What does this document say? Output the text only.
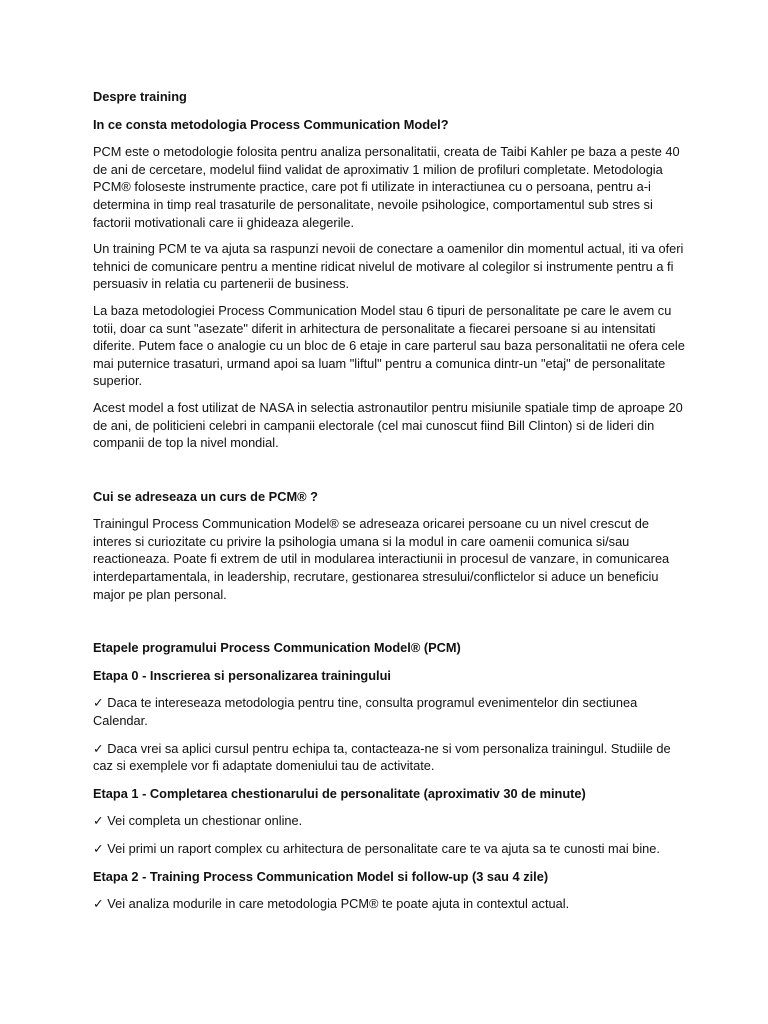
Despre training

In ce consta metodologia Process Communication Model?

PCM este o metodologie folosita pentru analiza personalitatii, creata de Taibi Kahler pe baza a peste 40 de ani de cercetare, modelul fiind validat de aproximativ 1 milion de profiluri completate. Metodologia PCM® foloseste instrumente practice, care pot fi utilizate in interactiunea cu o persoana, pentru a-i determina in timp real trasaturile de personalitate, nevoile psihologice, comportamentul sub stres si factorii motivationali care ii ghideaza alegerile.

Un training PCM te va ajuta sa raspunzi nevoii de conectare a oamenilor din momentul actual, iti va oferi tehnici de comunicare pentru a mentine ridicat nivelul de motivare al colegilor si instrumente pentru a fi persuasiv in relatia cu partenerii de business.

La baza metodologiei Process Communication Model stau 6 tipuri de personalitate pe care le avem cu totii, doar ca sunt "asezate" diferit in arhitectura de personalitate a fiecarei persoane si au intensitati diferite. Putem face o analogie cu un bloc de 6 etaje in care parterul sau baza personalitatii ne ofera cele mai puternice trasaturi, urmand apoi sa luam "liftul" pentru a comunica dintr-un "etaj" de personalitate superior.

Acest model a fost utilizat de NASA in selectia astronautilor pentru misiunile spatiale timp de aproape 20 de ani, de politicieni celebri in campanii electorale (cel mai cunoscut fiind Bill Clinton) si de lideri din companii de top la nivel mondial.

Cui se adreseaza un curs de PCM® ?

Trainingul Process Communication Model® se adreseaza oricarei persoane cu un nivel crescut de interes si curiozitate cu privire la psihologia umana si la modul in care oamenii comunica si/sau reactioneaza. Poate fi extrem de util in modularea interactiunii in procesul de vanzare, in comunicarea interdepartamentala, in leadership, recrutare, gestionarea stresului/conflictelor si aduce un beneficiu major pe plan personal.

Etapele programului Process Communication Model® (PCM)

Etapa 0 - Inscrierea si personalizarea trainingului

✓ Daca te intereseaza metodologia pentru tine, consulta programul evenimentelor din sectiunea Calendar.

✓ Daca vrei sa aplici cursul pentru echipa ta, contacteaza-ne si vom personaliza trainingul. Studiile de caz si exemplele vor fi adaptate domeniului tau de activitate.

Etapa 1 - Completarea chestionarului de personalitate (aproximativ 30 de minute)

✓ Vei completa un chestionar online.

✓ Vei primi un raport complex cu arhitectura de personalitate care te va ajuta sa te cunosti mai bine.

Etapa 2 - Training Process Communication Model si follow-up (3 sau 4 zile)

✓ Vei analiza modurile in care metodologia PCM® te poate ajuta in contextul actual.
